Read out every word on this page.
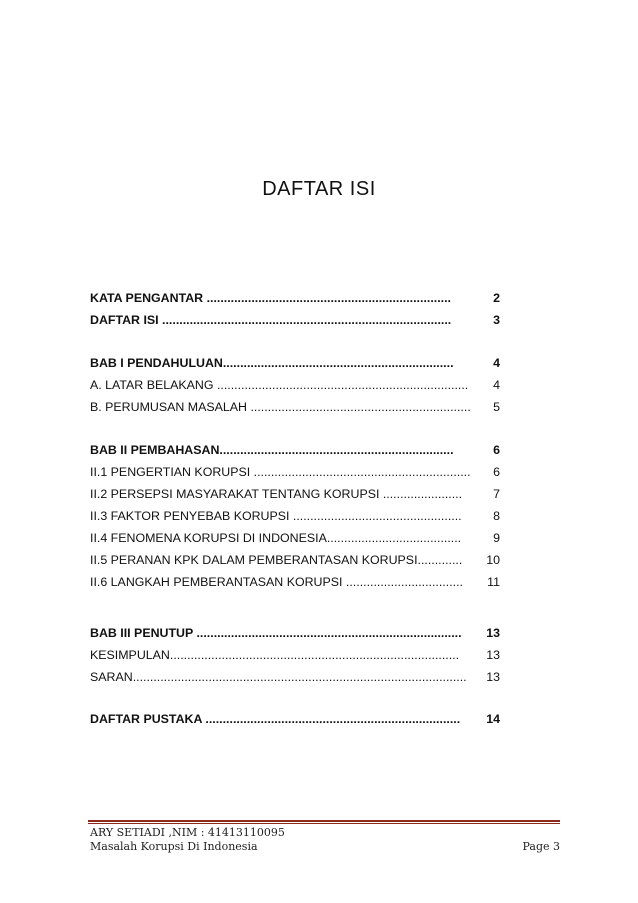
DAFTAR ISI
KATA PENGANTAR .......................................................................	2
DAFTAR ISI ....................................................................................	3
BAB I PENDAHULUAN...................................................................	4
A. LATAR BELAKANG ......................................................................... 4
B. PERUMUSAN MASALAH ................................................................ 5
BAB II PEMBAHASAN....................................................................	6
II.1 PENGERTIAN KORUPSI ............................................................... 6
II.2 PERSEPSI MASYARAKAT TENTANG KORUPSI .......................	7
II.3 FAKTOR PENYEBAB KORUPSI .................................................	8
II.4 FENOMENA KORUPSI DI INDONESIA.......................................	9
II.5 PERANAN KPK DALAM PEMBERANTASAN KORUPSI............. 10
II.6 LANGKAH PEMBERANTASAN KORUPSI .................................. 11
BAB III PENUTUP ............................................................................. 13
KESIMPULAN.................................................................................... 13
SARAN................................................................................................. 13
DAFTAR PUSTAKA .......................................................................... 14
ARY SETIADI ,NIM : 41413110095
Masalah Korupsi Di Indonesia	Page 3
